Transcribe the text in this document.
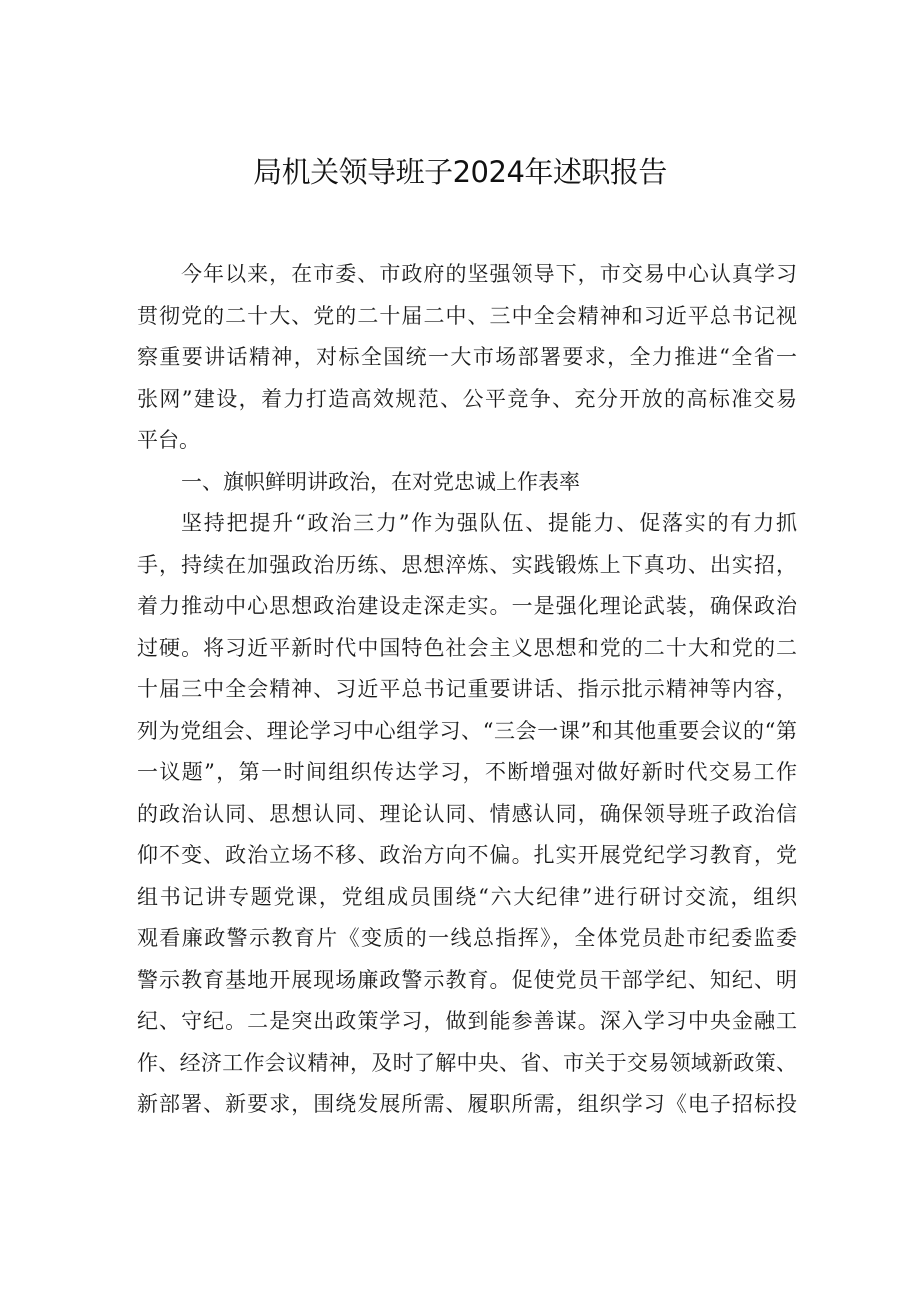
局机关领导班子2024年述职报告
今年以来，在市委、市政府的坚强领导下，市交易中心认真学习
贯彻党的二十大、党的二十届二中、三中全会精神和习近平总书记视
察重要讲话精神，对标全国统一大市场部署要求，全力推进“全省一
张网”建设，着力打造高效规范、公平竞争、充分开放的高标准交易
平台。
一、旗帜鲜明讲政治，在对党忠诚上作表率
坚持把提升“政治三力”作为强队伍、提能力、促落实的有力抓
手，持续在加强政治历练、思想淬炼、实践锻炼上下真功、出实招，
着力推动中心思想政治建设走深走实。一是强化理论武装，确保政治
过硬。将习近平新时代中国特色社会主义思想和党的二十大和党的二
十届三中全会精神、习近平总书记重要讲话、指示批示精神等内容，
列为党组会、理论学习中心组学习、“三会一课”和其他重要会议的“第
一议题”，第一时间组织传达学习，不断增强对做好新时代交易工作
的政治认同、思想认同、理论认同、情感认同，确保领导班子政治信
仰不变、政治立场不移、政治方向不偏。扎实开展党纪学习教育，党
组书记讲专题党课，党组成员围绕“六大纪律”进行研讨交流，组织
观看廉政警示教育片《变质的一线总指挥》，全体党员赴市纪委监委
警示教育基地开展现场廉政警示教育。促使党员干部学纪、知纪、明
纪、守纪。二是突出政策学习，做到能参善谋。深入学习中央金融工
作、经济工作会议精神，及时了解中央、省、市关于交易领域新政策、
新部署、新要求，围绕发展所需、履职所需，组织学习《电子招标投
